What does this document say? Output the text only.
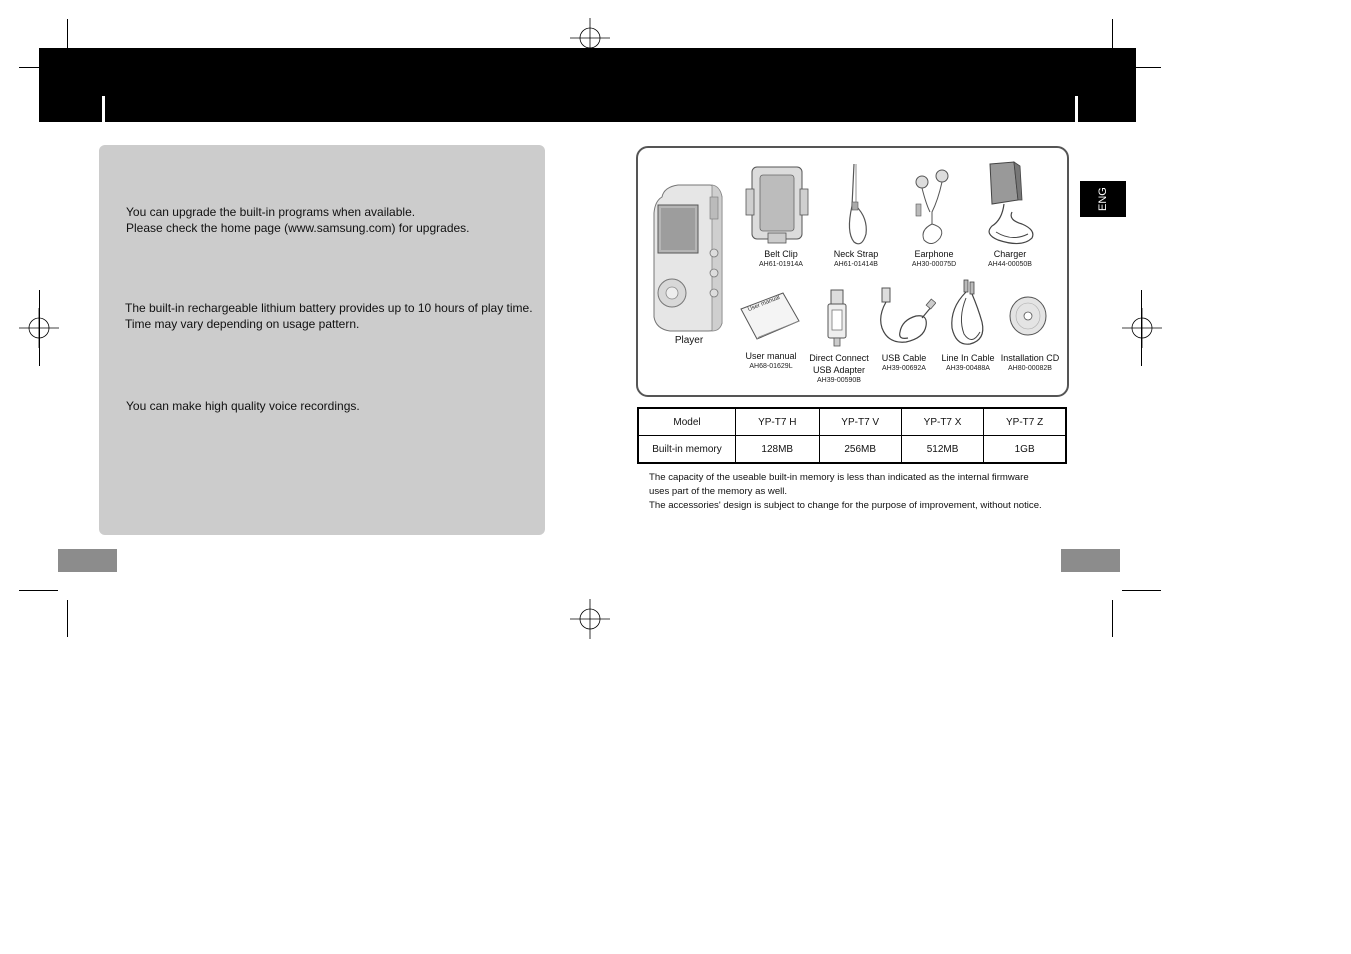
You can upgrade the built-in programs when available.
Please check the home page (www.samsung.com) for upgrades.

The built-in rechargeable lithium battery provides up to 10 hours of play time.
Time may vary depending on usage pattern.

You can make high quality voice recordings.

ENG
Player
Belt Clip
AH61-01914A
Neck Strap
AH61-01414B
Earphone
AH30-00075D
Charger
AH44-00050B
User manual
User manual
AH68-01629L
Direct Connect
USB Adapter
AH39-00590B
USB Cable
AH39-00692A
Line In Cable
AH39-00488A
Installation CD
AH80-00082B
Model	YP-T7 H	YP-T7 V	YP-T7 X	YP-T7 Z
Built-in memory	128MB	256MB	512MB	1GB

The capacity of the useable built-in memory is less than indicated as the internal firmware

uses part of the memory as well.

The accessories' design is subject to change for the purpose of improvement, without notice.
